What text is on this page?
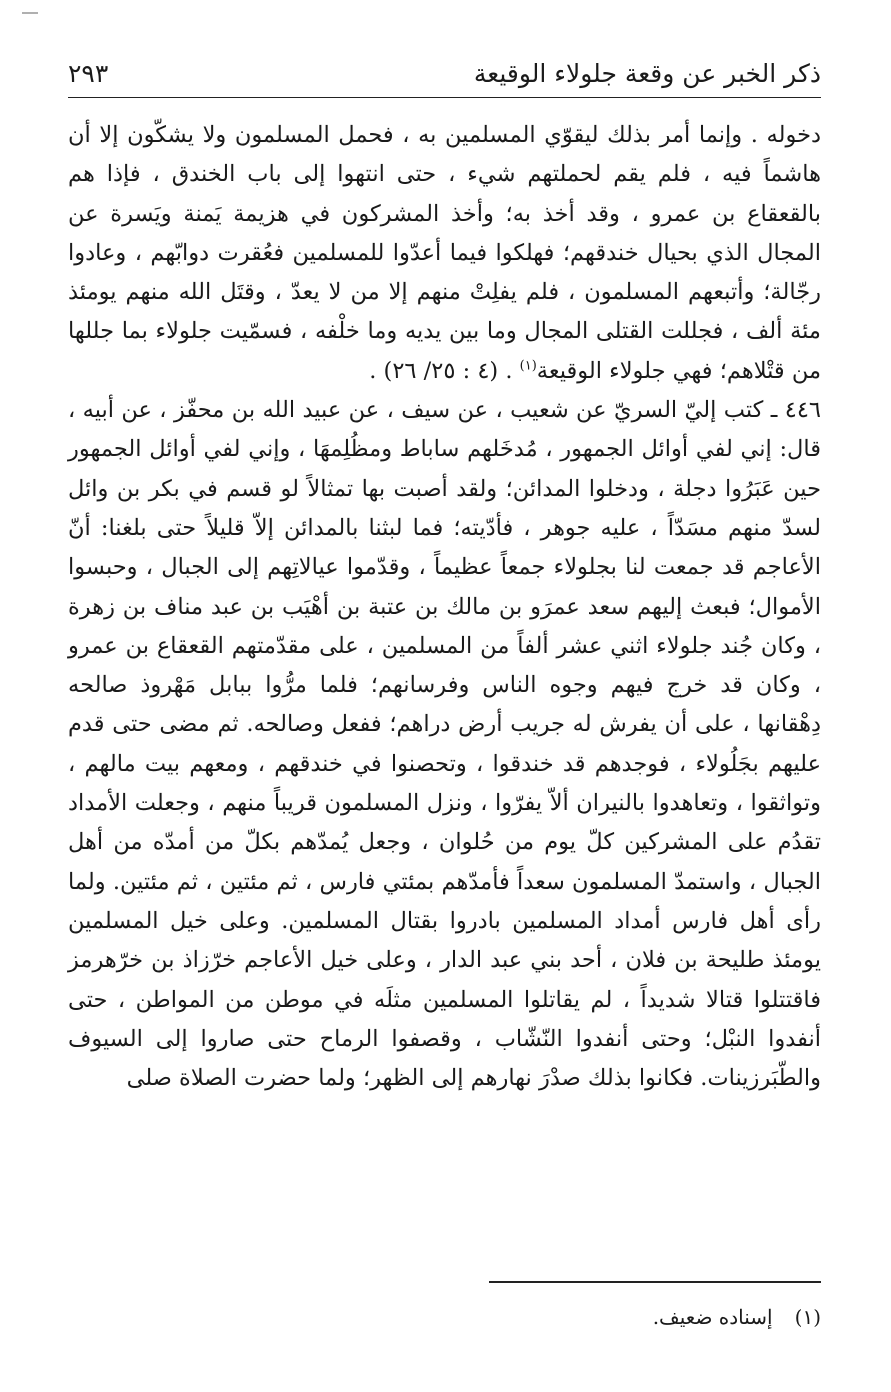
ذكر الخبر عن وقعة جلولاء الوقيعة
٢٩٣

دخوله . وإنما أمر بذلك ليقوّي المسلمين به ، فحمل المسلمون ولا يشكّون إلا أن هاشماً فيه ، فلم يقم لحملتهم شيء ، حتى انتهوا إلى باب الخندق ، فإذا هم بالقعقاع بن عمرو ، وقد أخذ به؛ وأخذ المشركون في هزيمة يَمنة ويَسرة عن المجال الذي بحيال خندقهم؛ فهلكوا فيما أعدّوا للمسلمين فعُقرت دوابّهم ، وعادوا رجّالة؛ وأتبعهم المسلمون ، فلم يفلِتْ منهم إلا من لا يعدّ ، وقتَل الله منهم يومئذ مئة ألف ، فجللت القتلى المجال وما بين يديه وما خلْفه ، فسمّيت جلولاء بما جللها من قتْلاهم؛ فهي جلولاء الوقيعة$^{(١)}$ . (٤ : ٢٥/ ٢٦) .

٤٤٦ ـ كتب إليّ السريّ عن شعيب ، عن سيف ، عن عبيد الله بن محفّز ، عن أبيه ، قال: إني لفي أوائل الجمهور ، مُدخَلهم ساباط ومظُلِمهَا ، وإني لفي أوائل الجمهور حين عَبَرُوا دجلة ، ودخلوا المدائن؛ ولقد أصبت بها تمثالاً لو قسم في بكر بن وائل لسدّ منهم مسَدّاً ، عليه جوهر ، فأدّيته؛ فما لبثنا بالمدائن إلاّ قليلاً حتى بلغنا: أنّ الأعاجم قد جمعت لنا بجلولاء جمعاً عظيماً ، وقدّموا عيالاتِهم إلى الجبال ، وحبسوا الأموال؛ فبعث إليهم سعد عمرَو بن مالك بن عتبة بن أهْيَب بن عبد مناف بن زهرة ، وكان جُند جلولاء اثني عشر ألفاً من المسلمين ، على مقدّمتهم القعقاع بن عمرو ، وكان قد خرج فيهم وجوه الناس وفرسانهم؛ فلما مرُّوا ببابل مَهْروذ صالحه دِهْقانها ، على أن يفرش له جريب أرض دراهم؛ ففعل وصالحه. ثم مضى حتى قدم عليهم بجَلُولاء ، فوجدهم قد خندقوا ، وتحصنوا في خندقهم ، ومعهم بيت مالهم ، وتواثقوا ، وتعاهدوا بالنيران ألاّ يفرّوا ، ونزل المسلمون قريباً منهم ، وجعلت الأمداد تقدُم على المشركين كلّ يوم من حُلوان ، وجعل يُمدّهم بكلّ من أمدّه من أهل الجبال ، واستمدّ المسلمون سعداً فأمدّهم بمئتي فارس ، ثم مئتين ، ثم مئتين. ولما رأى أهل فارس أمداد المسلمين بادروا بقتال المسلمين. وعلى خيل المسلمين يومئذ طليحة بن فلان ، أحد بني عبد الدار ، وعلى خيل الأعاجم خرّزاذ بن خرّهرمز فاقتتلوا قتالا شديداً ، لم يقاتلوا المسلمين مثلَه في موطن من المواطن ، حتى أنفدوا النبْل؛ وحتى أنفدوا النّشّاب ، وقصفوا الرماح حتى صاروا إلى السيوف والطّبَرزينات. فكانوا بذلك صدْرَ نهارهم إلى الظهر؛ ولما حضرت الصلاة صلى

(١)
إسناده ضعيف.
